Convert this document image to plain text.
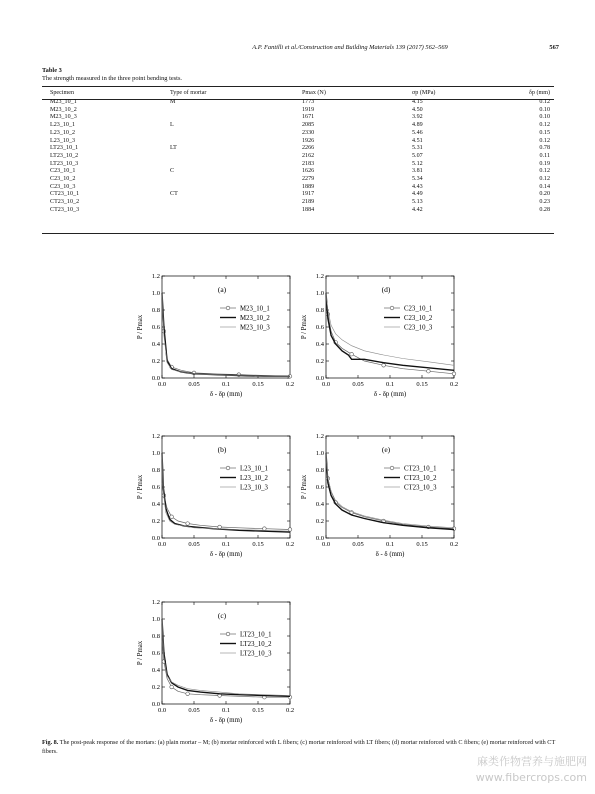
A.P. Fantilli et al./Construction and Building Materials 139 (2017) 562–569	567
Table 3
The strength measured in the three point bending tests.
Specimen	Type of mortar	Pmax (N)	σp (MPa)	δp (mm)
M23_10_1	M	1773	4.15	0.12
M23_10_2		1919	4.50	0.10
M23_10_3		1671	3.92	0.10
L23_10_1	L	2085	4.89	0.12
L23_10_2		2330	5.46	0.15
L23_10_3		1926	4.51	0.12
LT23_10_1	LT	2266	5.31	0.78
LT23_10_2		2162	5.07	0.11
LT23_10_3		2183	5.12	0.19
C23_10_1	C	1626	3.81	0.12
C23_10_2		2279	5.34	0.12
C23_10_3		1889	4.43	0.14
CT23_10_1	CT	1917	4.49	0.20
CT23_10_2		2189	5.13	0.23
CT23_10_3		1884	4.42	0.28
0.0	0.05	0.1	0.15	0.2
0.0
0.2
0.4
0.6
0.8
1.0
1.2
δ - δp (mm)
P / Pmax
(a)
M23_10_1
M23_10_2
M23_10_3
0.0	0.05	0.1	0.15	0.2
0.0
0.2
0.4
0.6
0.8
1.0
1.2
δ - δp (mm)
P / Pmax
(d)
C23_10_1
C23_10_2
C23_10_3
0.0	0.05	0.1	0.15	0.2
0.0
0.2
0.4
0.6
0.8
1.0
1.2
δ - δp (mm)
P / Pmax
(b)
L23_10_1
L23_10_2
L23_10_3
0.0	0.05	0.1	0.15	0.2
0.0
0.2
0.4
0.6
0.8
1.0
1.2
δ - δ (mm)
P / Pmax
(e)
CT23_10_1
CT23_10_2
CT23_10_3
0.0	0.05	0.1	0.15	0.2
0.0
0.2
0.4
0.6
0.8
1.0
1.2
δ - δp (mm)
P / Pmax
(c)
LT23_10_1
LT23_10_2
LT23_10_3
Fig. 8. The post-peak response of the mortars: (a) plain mortar – M; (b) mortar reinforced with L fibers; (c) mortar reinforced with LT fibers; (d) mortar reinforced with C fibers; (e) mortar reinforced with CT fibers.
麻类作物营养与施肥网
www.fibercrops.com
